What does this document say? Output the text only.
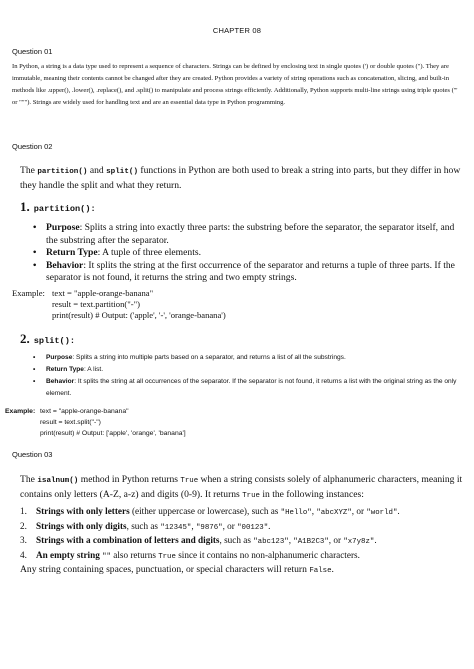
CHAPTER 08
Question 01
In Python, a string is a data type used to represent a sequence of characters. Strings can be defined by enclosing text in single quotes (') or double quotes ("). They are immutable, meaning their contents cannot be changed after they are created. Python provides a variety of string operations such as concatenation, slicing, and built-in methods like .upper(), .lower(), .replace(), and .split() to manipulate and process strings efficiently. Additionally, Python supports multi-line strings using triple quotes (''' or """). Strings are widely used for handling text and are an essential data type in Python programming.
Question 02
The partition() and split() functions in Python are both used to break a string into parts, but they differ in how they handle the split and what they return.
1. partition():
• Purpose: Splits a string into exactly three parts: the substring before the separator, the separator itself, and the substring after the separator.
• Return Type: A tuple of three elements.
• Behavior: It splits the string at the first occurrence of the separator and returns a tuple of three parts. If the separator is not found, it returns the string and two empty strings.
Example: text = "apple-orange-banana"
result = text.partition("-")
print(result) # Output: ('apple', '-', 'orange-banana')
2. split():
• Purpose: Splits a string into multiple parts based on a separator, and returns a list of all the substrings.
• Return Type: A list.
• Behavior: It splits the string at all occurrences of the separator. If the separator is not found, it returns a list with the original string as the only element.
Example: text = "apple-orange-banana"
result = text.split("-")
print(result) # Output: ['apple', 'orange', 'banana']
Question 03
The isalnum() method in Python returns True when a string consists solely of alphanumeric characters, meaning it contains only letters (A-Z, a-z) and digits (0-9). It returns True in the following instances:
1. Strings with only letters (either uppercase or lowercase), such as "Hello", "abcXYZ", or "world".
2. Strings with only digits, such as "12345", "9876", or "00123".
3. Strings with a combination of letters and digits, such as "abc123", "A1B2C3", or "x7y8z".
4. An empty string "" also returns True since it contains no non-alphanumeric characters.
Any string containing spaces, punctuation, or special characters will return False.
